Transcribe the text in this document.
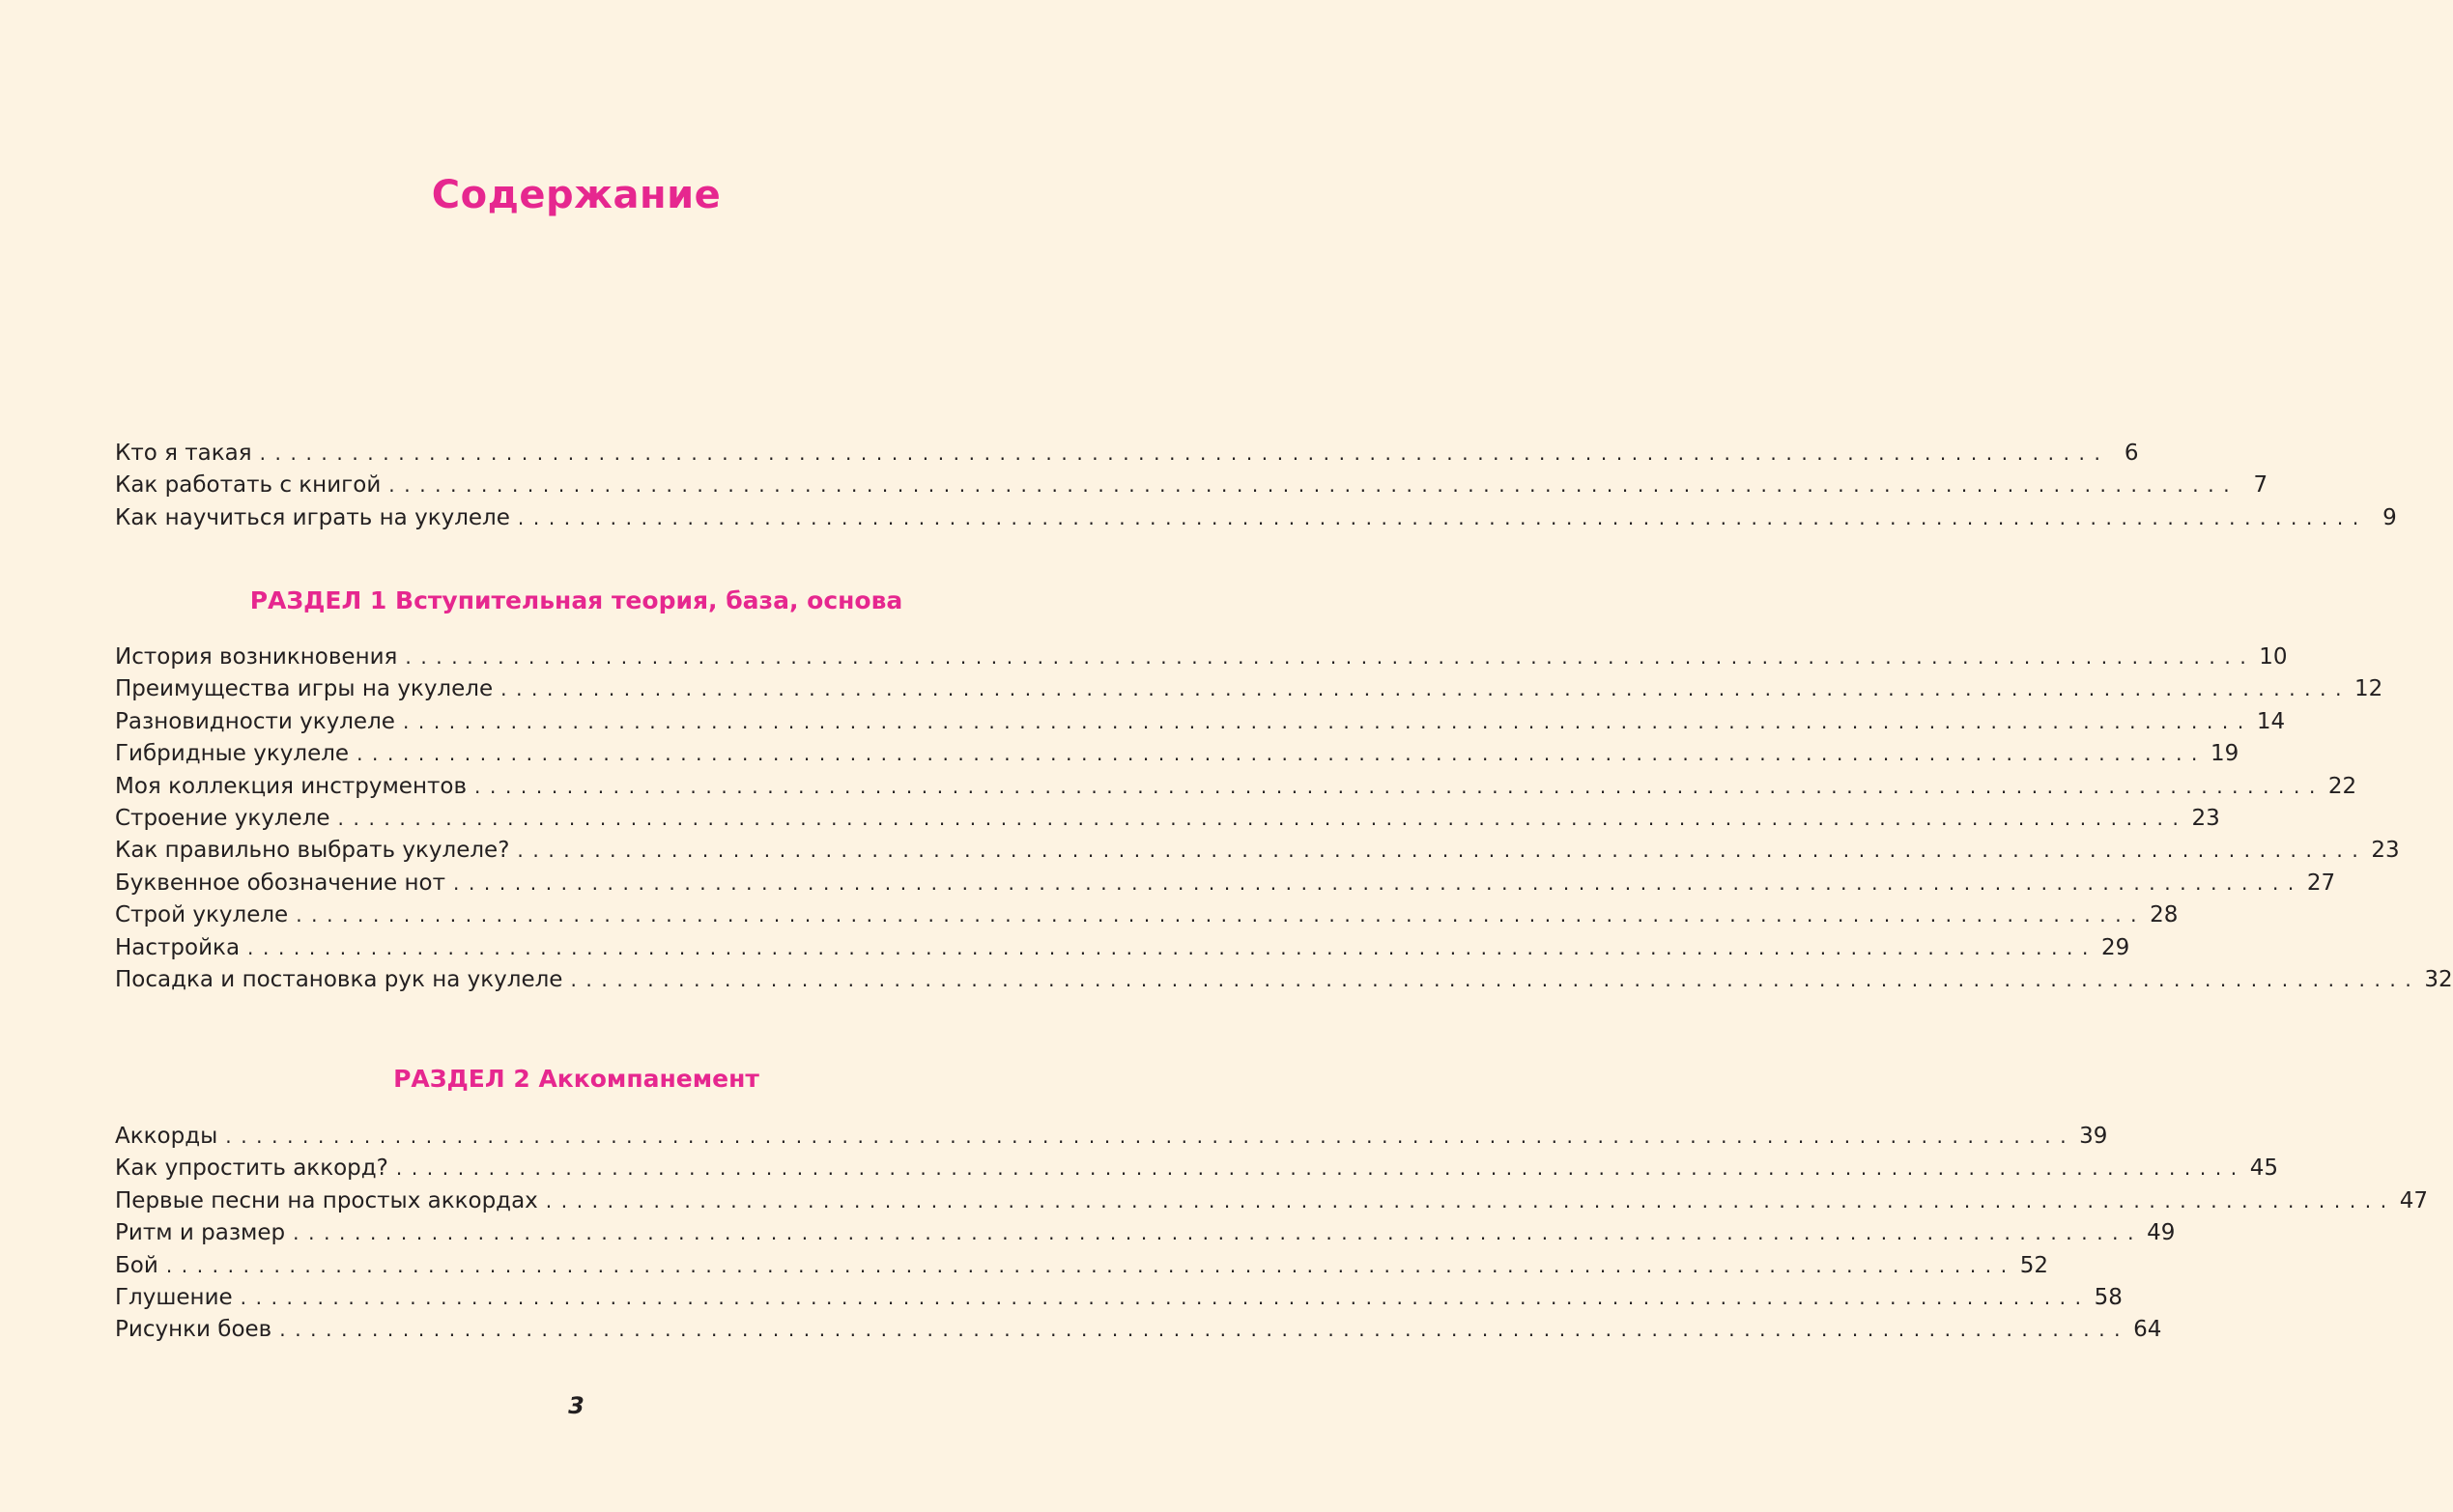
Содержание
Кто я такая ........................................................................................................................ 6
Как работать с книгой ........................................................................................................................ 7
Как научиться играть на укулеле ........................................................................................................................ 9
РАЗДЕЛ 1 Вступительная теория, база, основа
История возникновения ........................................................................................................................ 10
Преимущества игры на укулеле ........................................................................................................................ 12
Разновидности укулеле ........................................................................................................................ 14
Гибридные укулеле ........................................................................................................................ 19
Моя коллекция инструментов ........................................................................................................................ 22
Строение укулеле ........................................................................................................................ 23
Как правильно выбрать укулеле? ........................................................................................................................ 23
Буквенное обозначение нот ........................................................................................................................ 27
Строй укулеле ........................................................................................................................ 28
Настройка ........................................................................................................................ 29
Посадка и постановка рук на укулеле ........................................................................................................................ 32
РАЗДЕЛ 2 Аккомпанемент
Аккорды ........................................................................................................................ 39
Как упростить аккорд? ........................................................................................................................ 45
Первые песни на простых аккордах ........................................................................................................................ 47
Ритм и размер ........................................................................................................................ 49
Бой ........................................................................................................................ 52
Глушение ........................................................................................................................ 58
Рисунки боев ........................................................................................................................ 64
3
